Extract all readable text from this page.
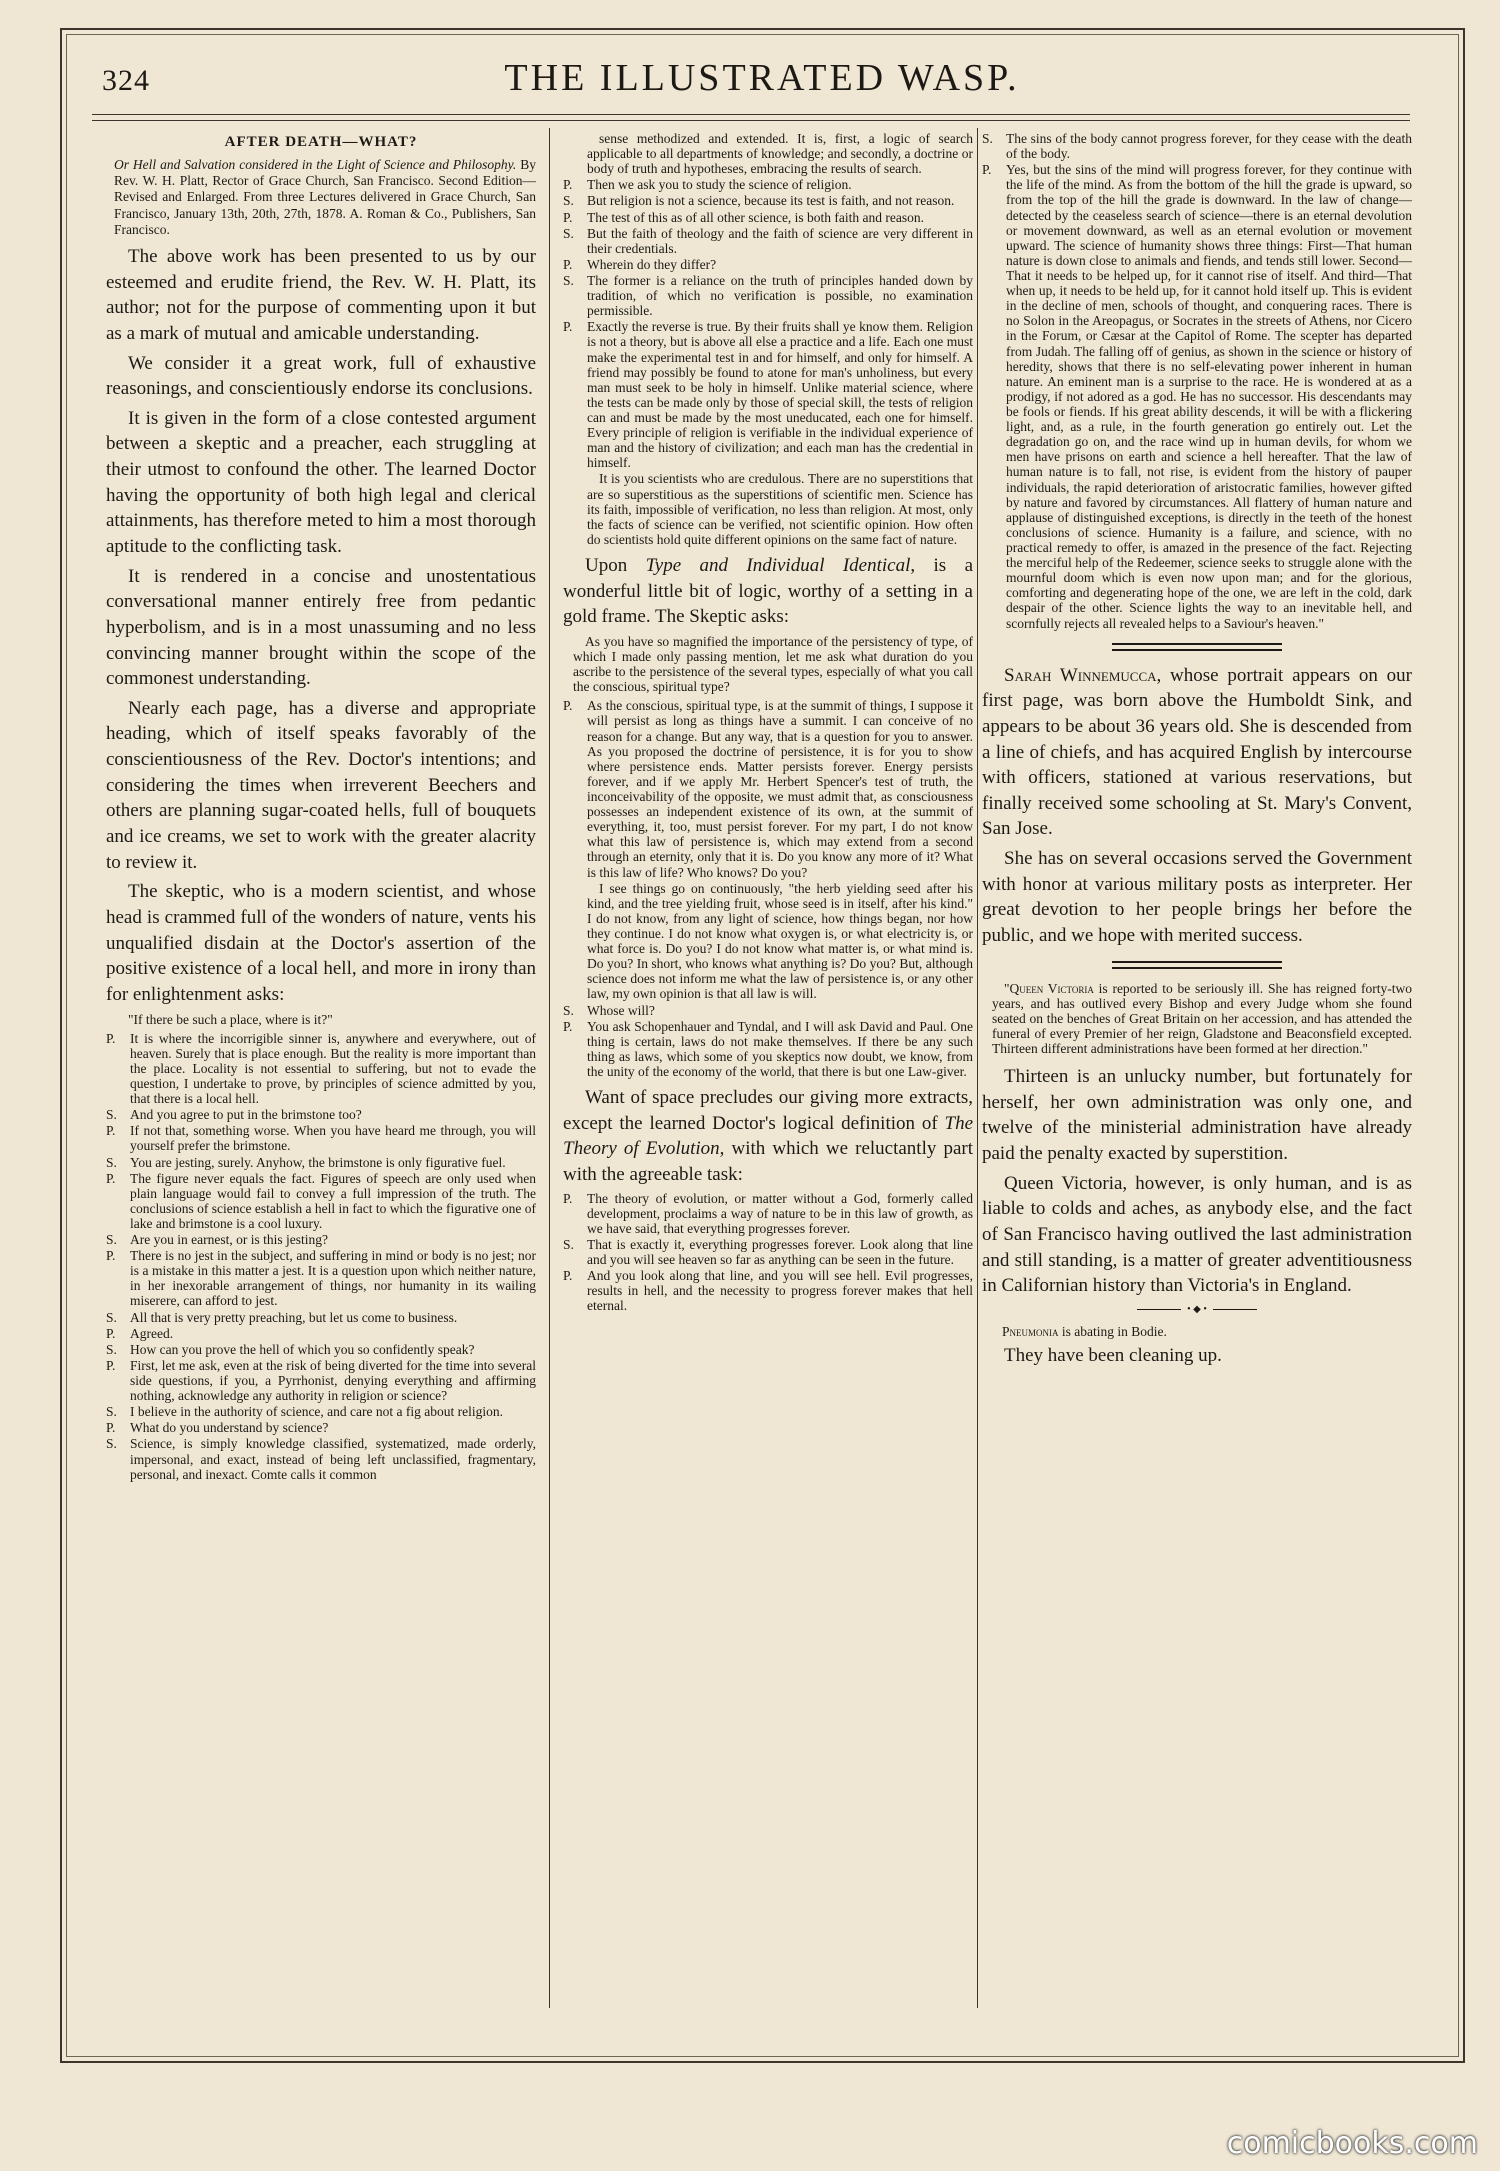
324	THE ILLUSTRATED WASP.
AFTER DEATH—WHAT?
Or Hell and Salvation considered in the Light of Science and Philosophy. By Rev. W. H. Platt, Rector of Grace Church, San Francisco. Second Edition—Revised and Enlarged. From three Lectures delivered in Grace Church, San Francisco, January 13th, 20th, 27th, 1878. A. Roman & Co., Publishers, San Francisco.

The above work has been presented to us by our esteemed and erudite friend, the Rev. W. H. Platt, its author; not for the purpose of commenting upon it but as a mark of mutual and amicable understanding.

We consider it a great work, full of exhaustive reasonings, and conscientiously endorse its conclusions.

It is given in the form of a close contested argument between a skeptic and a preacher, each struggling at their utmost to confound the other. The learned Doctor having the opportunity of both high legal and clerical attainments, has therefore meted to him a most thorough aptitude to the conflicting task.

It is rendered in a concise and unostentatious conversational manner entirely free from pedantic hyperbolism, and is in a most unassuming and no less convincing manner brought within the scope of the commonest understanding.

Nearly each page, has a diverse and appropriate heading, which of itself speaks favorably of the conscientiousness of the Rev. Doctor's intentions; and considering the times when irreverent Beechers and others are planning sugar-coated hells, full of bouquets and ice creams, we set to work with the greater alacrity to review it.

The skeptic, who is a modern scientist, and whose head is crammed full of the wonders of nature, vents his unqualified disdain at the Doctor's assertion of the positive existence of a local hell, and more in irony than for enlightenment asks:

"If there be such a place, where is it?"

P.	It is where the incorrigible sinner is, anywhere and everywhere, out of heaven. Surely that is place enough. But the reality is more important than the place. Locality is not essential to suffering, but not to evade the question, I undertake to prove, by principles of science admitted by you, that there is a local hell.
S. And you agree to put in the brimstone too?
P.	If not that, something worse. When you have heard me through, you will yourself prefer the brimstone.
S. You are jesting, surely. Anyhow, the brimstone is only figurative fuel.
P.	The figure never equals the fact. Figures of speech are only used when plain language would fail to convey a full impression of the truth. The conclusions of science establish a hell in fact to which the figurative one of lake and brimstone is a cool luxury.
S. Are you in earnest, or is this jesting?
P.	There is no jest in the subject, and suffering in mind or body is no jest; nor is a mistake in this matter a jest. It is a question upon which neither nature, in her inexorable arrangement of things, nor humanity in its wailing miserere, can afford to jest.
S. All that is very pretty preaching, but let us come to business.
P.	Agreed.
S. How can you prove the hell of which you so confidently speak?
P.	First, let me ask, even at the risk of being diverted for the time into several side questions, if you, a Pyrrhonist, denying everything and affirming nothing, acknowledge any authority in religion or science?
S. I believe in the authority of science, and care not a fig about religion.
P.	What do you understand by science?
S. Science, is simply knowledge classified, systematized, made orderly, impersonal, and exact, instead of being left unclassified, fragmentary, personal, and inexact. Comte calls it common
sense methodized and extended. It is, first, a logic of search applicable to all departments of knowledge; and secondly, a doctrine or body of truth and hypotheses, embracing the results of search.
P.	Then we ask you to study the science of religion.
S. But religion is not a science, because its test is faith, and not reason.
P.	The test of this as of all other science, is both faith and reason.
S. But the faith of theology and the faith of science are very different in their credentials.
P.	Wherein do they differ?
S. The former is a reliance on the truth of principles handed down by tradition, of which no verification is possible, no examination permissible.
P.	Exactly the reverse is true. By their fruits shall ye know them. Religion is not a theory, but is above all else a practice and a life. Each one must make the experimental test in and for himself, and only for himself. A friend may possibly be found to atone for man's unholiness, but every man must seek to be holy in himself. Unlike material science, where the tests can be made only by those of special skill, the tests of religion can and must be made by the most uneducated, each one for himself. Every principle of religion is verifiable in the individual experience of man and the history of civilization; and each man has the credential in himself.
It is you scientists who are credulous. There are no superstitions that are so superstitious as the superstitions of scientific men. Science has its faith, impossible of verification, no less than religion. At most, only the facts of science can be verified, not scientific opinion. How often do scientists hold quite different opinions on the same fact of nature.

Upon Type and Individual Identical, is a wonderful little bit of logic, worthy of a setting in a gold frame. The Skeptic asks:

As you have so magnified the importance of the persistency of type, of which I made only passing mention, let me ask what duration do you ascribe to the persistence of the several types, especially of what you call the conscious, spiritual type?

P.	As the conscious, spiritual type, is at the summit of things, I suppose it will persist as long as things have a summit. I can conceive of no reason for a change. But any way, that is a question for you to answer. As you proposed the doctrine of persistence, it is for you to show where persistence ends. Matter persists forever. Energy persists forever, and if we apply Mr. Herbert Spencer's test of truth, the inconceivability of the opposite, we must admit that, as consciousness possesses an independent existence of its own, at the summit of everything, it, too, must persist forever. For my part, I do not know what this law of persistence is, which may extend from a second through an eternity, only that it is. Do you know any more of it? What is this law of life? Who knows? Do you?
I see things go on continuously, "the herb yielding seed after his kind, and the tree yielding fruit, whose seed is in itself, after his kind." I do not know, from any light of science, how things began, nor how they continue. I do not know what oxygen is, or what electricity is, or what force is. Do you? I do not know what matter is, or what mind is. Do you? In short, who knows what anything is? Do you? But, although science does not inform me what the law of persistence is, or any other law, my own opinion is that all law is will.
S. Whose will?
P.	You ask Schopenhauer and Tyndal, and I will ask David and Paul. One thing is certain, laws do not make themselves. If there be any such thing as laws, which some of you skeptics now doubt, we know, from the unity of the economy of the world, that there is but one Law-giver.

Want of space precludes our giving more extracts, except the learned Doctor's logical definition of The Theory of Evolution, with which we reluctantly part with the agreeable task:

P.	The theory of evolution, or matter without a God, formerly called development, proclaims a way of nature to be in this law of growth, as we have said, that everything progresses forever.
S. That is exactly it, everything progresses forever. Look along that line and you will see heaven so far as anything can be seen in the future.
P.	And you look along that line, and you will see hell. Evil progresses, results in hell, and the necessity to progress forever makes that hell eternal.
S. The sins of the body cannot progress forever, for they cease with the death of the body.
P.	Yes, but the sins of the mind will progress forever, for they continue with the life of the mind. As from the bottom of the hill the grade is upward, so from the top of the hill the grade is downward. In the law of change—detected by the ceaseless search of science—there is an eternal devolution or movement downward, as well as an eternal evolution or movement upward. The science of humanity shows three things: First—That human nature is down close to animals and fiends, and tends still lower. Second—That it needs to be helped up, for it cannot rise of itself. And third—That when up, it needs to be held up, for it cannot hold itself up. This is evident in the decline of men, schools of thought, and conquering races. There is no Solon in the Areopagus, or Socrates in the streets of Athens, nor Cicero in the Forum, or Cæsar at the Capitol of Rome. The scepter has departed from Judah. The falling off of genius, as shown in the science or history of heredity, shows that there is no self-elevating power inherent in human nature. An eminent man is a surprise to the race. He is wondered at as a prodigy, if not adored as a god. He has no successor. His descendants may be fools or fiends. If his great ability descends, it will be with a flickering light, and, as a rule, in the fourth generation go entirely out. Let the degradation go on, and the race wind up in human devils, for whom we men have prisons on earth and science a hell hereafter. That the law of human nature is to fall, not rise, is evident from the history of pauper individuals, the rapid deterioration of aristocratic families, however gifted by nature and favored by circumstances. All flattery of human nature and applause of distinguished exceptions, is directly in the teeth of the honest conclusions of science. Humanity is a failure, and science, with no practical remedy to offer, is amazed in the presence of the fact. Rejecting the merciful help of the Redeemer, science seeks to struggle alone with the mournful doom which is even now upon man; and for the glorious, comforting and degenerating hope of the one, we are left in the cold, dark despair of the other. Science lights the way to an inevitable hell, and scornfully rejects all revealed helps to a Saviour's heaven."

Sarah Winnemucca, whose portrait appears on our first page, was born above the Humboldt Sink, and appears to be about 36 years old. She is descended from a line of chiefs, and has acquired English by intercourse with officers, stationed at various reservations, but finally received some schooling at St. Mary's Convent, San Jose.

She has on several occasions served the Government with honor at various military posts as interpreter. Her great devotion to her people brings her before the public, and we hope with merited success.

"Queen Victoria is reported to be seriously ill. She has reigned forty-two years, and has outlived every Bishop and every Judge whom she found seated on the benches of Great Britain on her accession, and has attended the funeral of every Premier of her reign, Gladstone and Beaconsfield excepted. Thirteen different administrations have been formed at her direction."

Thirteen is an unlucky number, but fortunately for herself, her own administration was only one, and twelve of the ministerial administration have already paid the penalty exacted by superstition.

Queen Victoria, however, is only human, and is as liable to colds and aches, as anybody else, and the fact of San Francisco having outlived the last administration and still standing, is a matter of greater adventitiousness in Californian history than Victoria's in England.

• ◆ •

Pneumonia is abating in Bodie.

They have been cleaning up.

comicbooks.com
